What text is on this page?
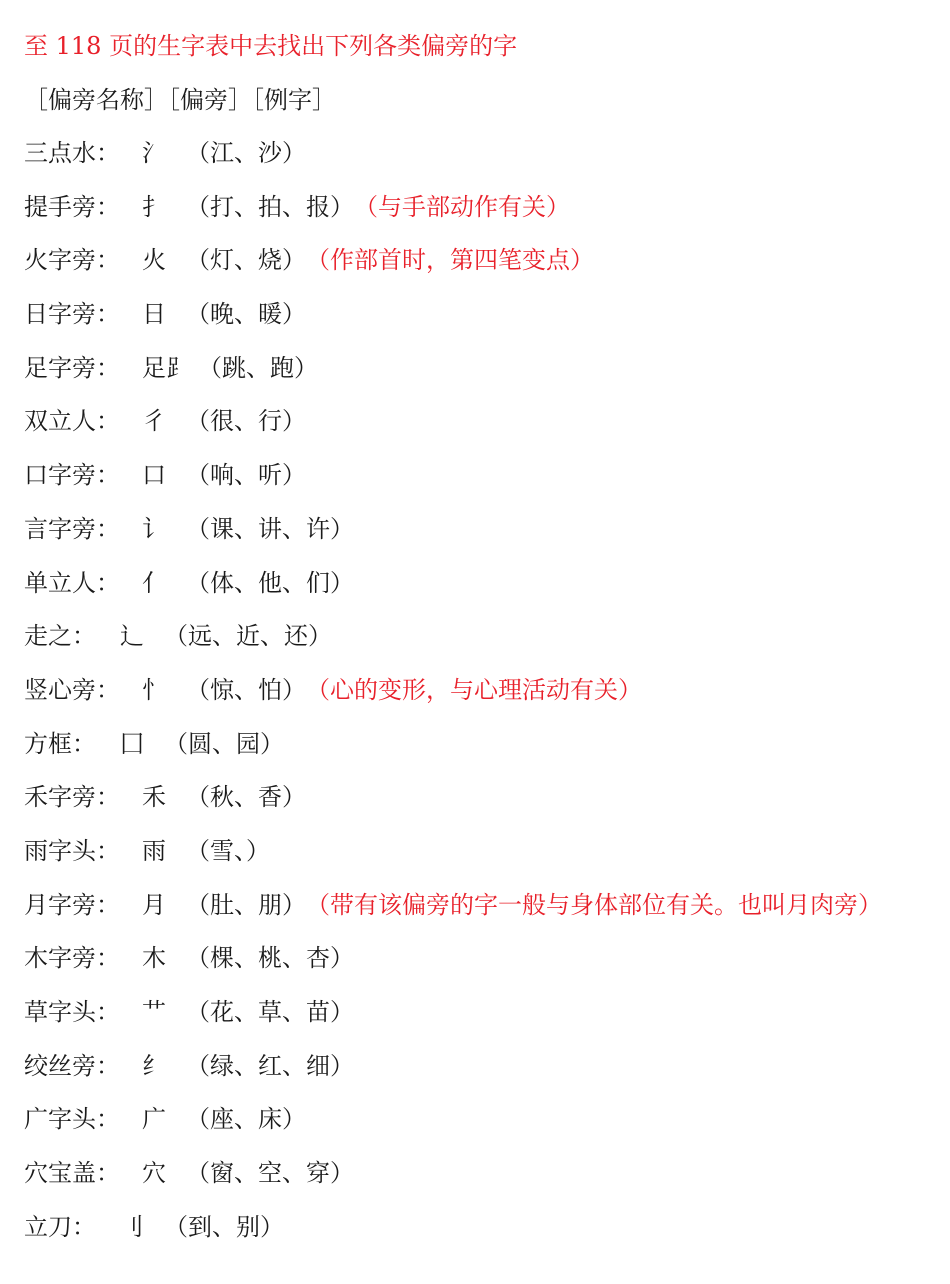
至 118 页的生字表中去找出下列各类偏旁的字
［偏旁名称］［偏旁］［例字］
三点水： 氵 （江、沙）
提手旁： 扌 （打、拍、报） （与手部动作有关）
火字旁： 火 （灯、烧） （作部首时，第四笔变点）
日字旁： 日 （晚、暖）
足字旁： 足⻊ （跳、跑）
双立人： 彳 （很、行）
口字旁： 口 （响、听）
言字旁： 讠 （课、讲、许）
单立人： 亻 （体、他、们）
走之：	辶 （远、近、还）
竖心旁： 忄 （惊、怕） （心的变形，与心理活动有关）
方框：	囗 （圆、园）
禾字旁： 禾 （秋、香）
雨字头： 雨 （雪、）
月字旁： 月 （肚、朋） （带有该偏旁的字一般与身体部位有关。也叫月肉旁）
木字旁： 木 （棵、桃、杏）
草字头： 艹 （花、草、苗）
绞丝旁： 纟 （绿、红、细）
广字头： 广 （座、床）
穴宝盖： 穴 （窗、空、穿）
立刀：	刂 （到、别）
